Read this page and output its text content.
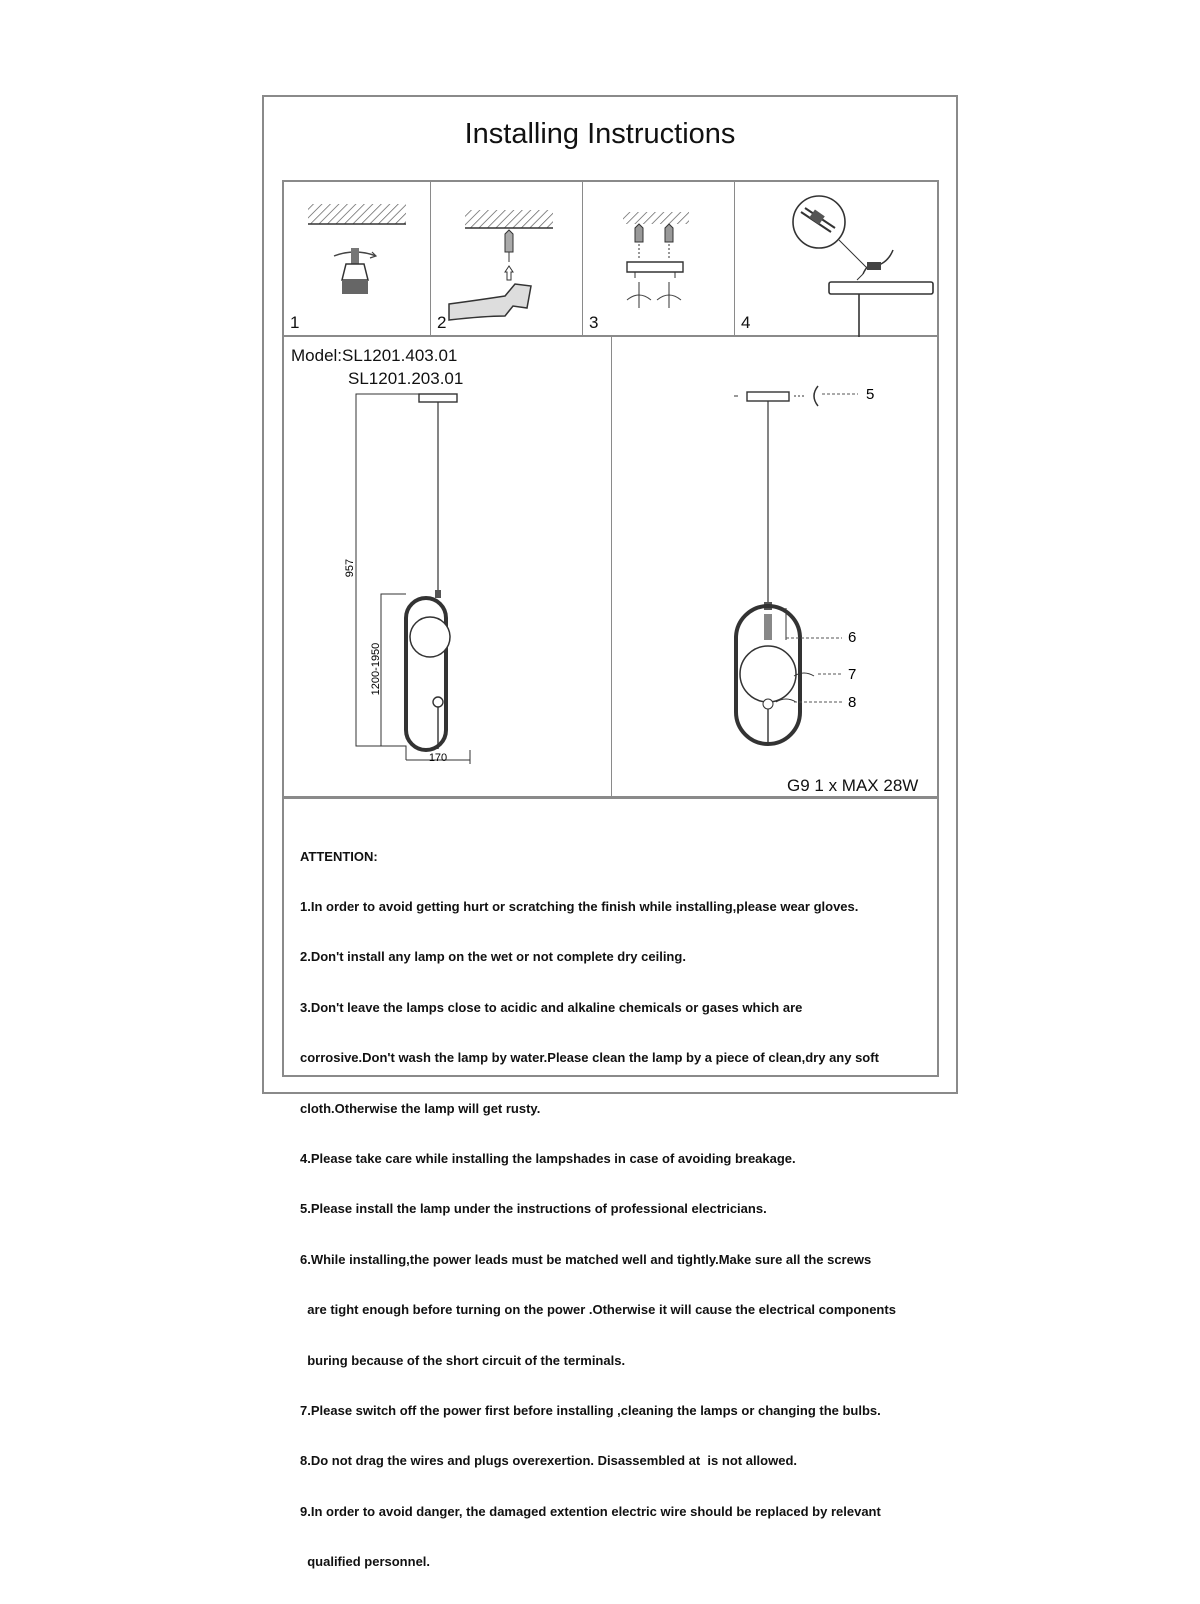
Installing Instructions
1	2	3	4
Model:SL1201.403.01
SL1201.203.01
957
1200-1950
170
5
6
7
8
G9 1 x MAX 28W

ATTENTION:

1.In order to avoid getting hurt or scratching the finish while installing,please wear gloves.

2.Don't install any lamp on the wet or not complete dry ceiling.

3.Don't leave the lamps close to acidic and alkaline chemicals or gases which are

corrosive.Don't wash the lamp by water.Please clean the lamp by a piece of clean,dry any soft

cloth.Otherwise the lamp will get rusty.

4.Please take care while installing the lampshades in case of avoiding breakage.

5.Please install the lamp under the instructions of professional electricians.

6.While installing,the power leads must be matched well and tightly.Make sure all the screws

are tight enough before turning on the power .Otherwise it will cause the electrical components

buring because of the short circuit of the terminals.

7.Please switch off the power first before installing ,cleaning the lamps or changing the bulbs.

8.Do not drag the wires and plugs overexertion. Disassembled at  is not allowed.

9.In order to avoid danger, the damaged extention electric wire should be replaced by relevant

qualified personnel.
